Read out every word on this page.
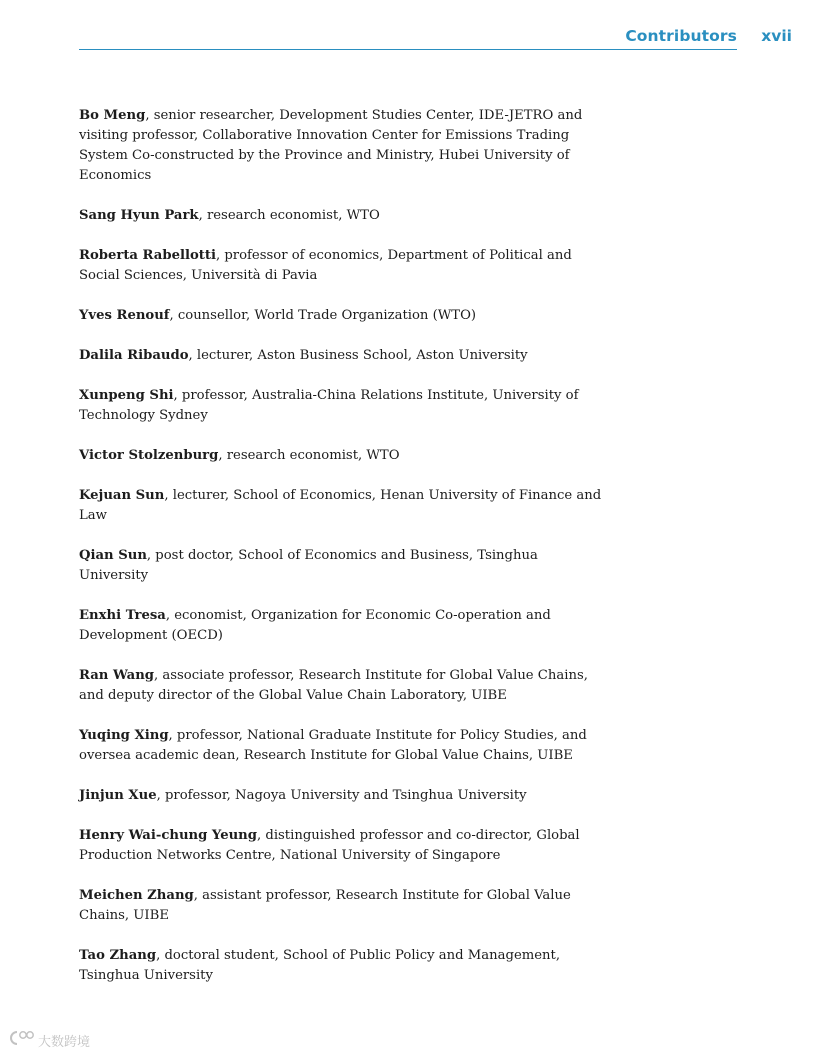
Contributors xvii
Bo Meng, senior researcher, Development Studies Center, IDE-JETRO and visiting professor, Collaborative Innovation Center for Emissions Trading System Co-constructed by the Province and Ministry, Hubei University of Economics
Sang Hyun Park, research economist, WTO
Roberta Rabellotti, professor of economics, Department of Political and Social Sciences, Università di Pavia
Yves Renouf, counsellor, World Trade Organization (WTO)
Dalila Ribaudo, lecturer, Aston Business School, Aston University
Xunpeng Shi, professor, Australia-China Relations Institute, University of Technology Sydney
Victor Stolzenburg, research economist, WTO
Kejuan Sun, lecturer, School of Economics, Henan University of Finance and Law
Qian Sun, post doctor, School of Economics and Business, Tsinghua University
Enxhi Tresa, economist, Organization for Economic Co-operation and Development (OECD)
Ran Wang, associate professor, Research Institute for Global Value Chains, and deputy director of the Global Value Chain Laboratory, UIBE
Yuqing Xing, professor, National Graduate Institute for Policy Studies, and oversea academic dean, Research Institute for Global Value Chains, UIBE
Jinjun Xue, professor, Nagoya University and Tsinghua University
Henry Wai-chung Yeung, distinguished professor and co-director, Global Production Networks Centre, National University of Singapore
Meichen Zhang, assistant professor, Research Institute for Global Value Chains, UIBE
Tao Zhang, doctoral student, School of Public Policy and Management, Tsinghua University
大数跨境
